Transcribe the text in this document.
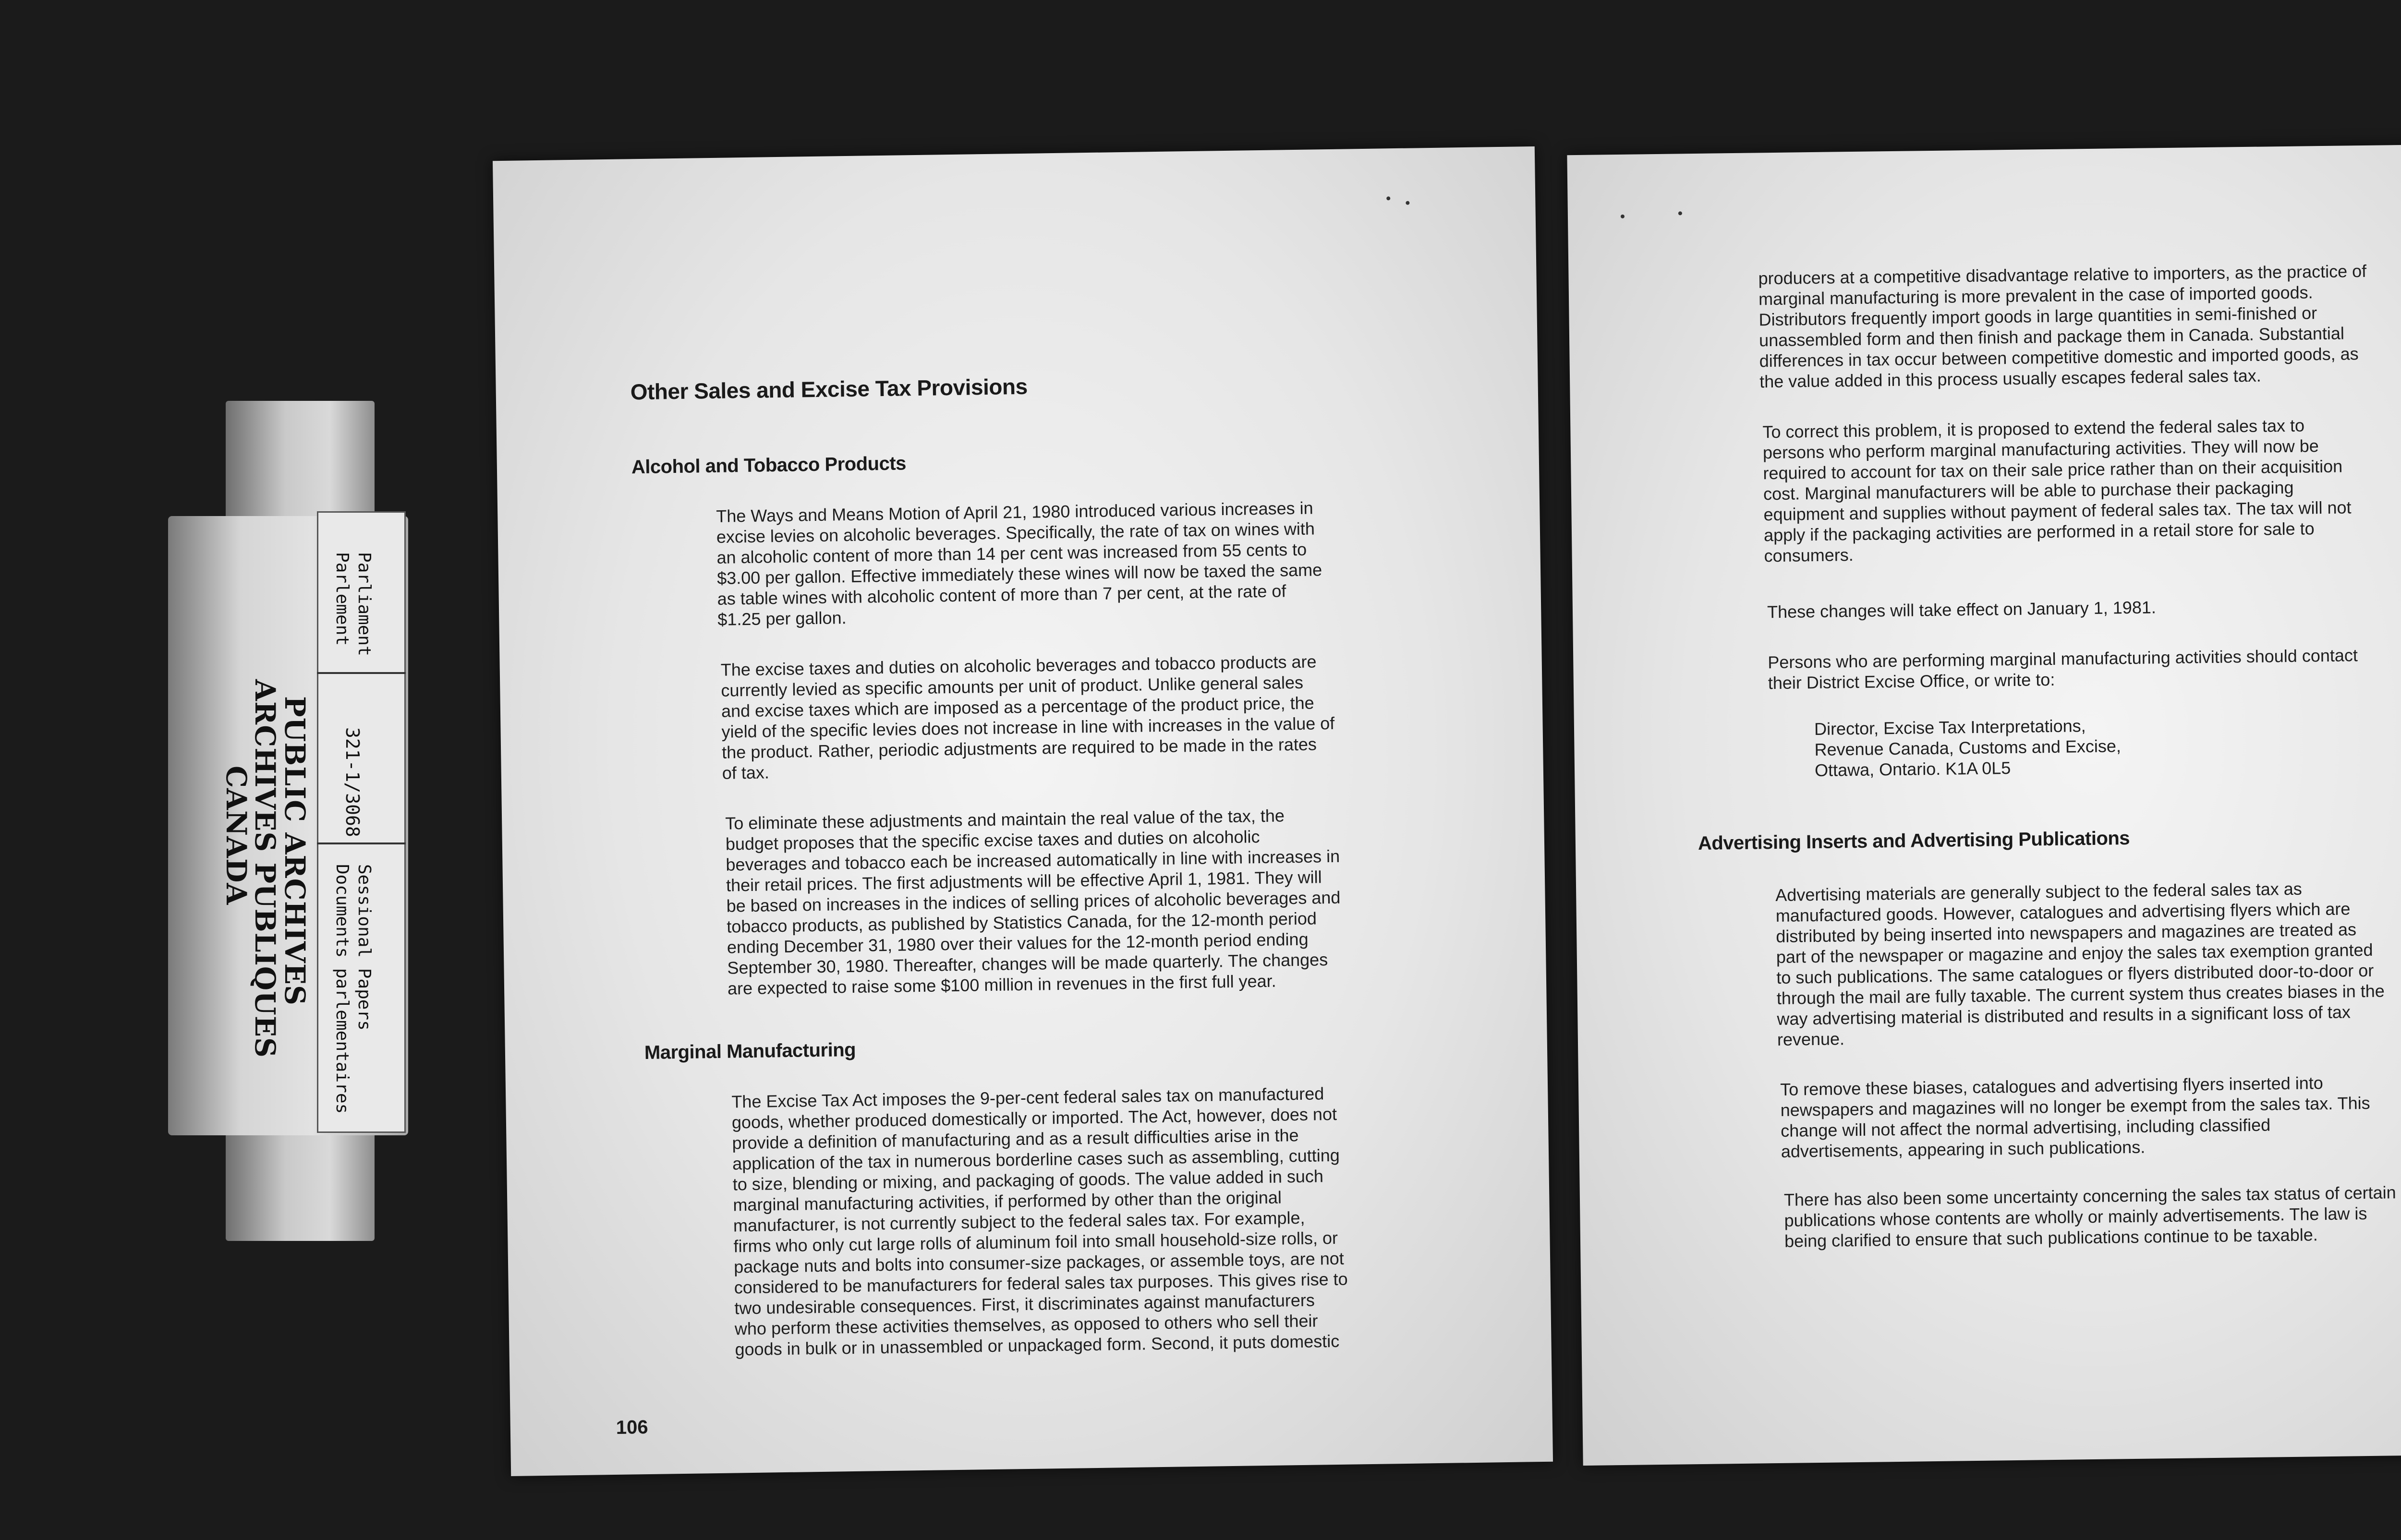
Parliament
Parlement
321-1/3068
Sessional Papers
Documents parlementaires
PUBLIC ARCHIVES
ARCHIVES PUBLIQUES
CANADA
Other Sales and Excise Tax Provisions
Alcohol and Tobacco Products
The Ways and Means Motion of April 21, 1980 introduced various increases in
excise levies on alcoholic beverages. Specifically, the rate of tax on wines with
an alcoholic content of more than 14 per cent was increased from 55 cents to
$3.00 per gallon. Effective immediately these wines will now be taxed the same
as table wines with alcoholic content of more than 7 per cent, at the rate of
$1.25 per gallon.
The excise taxes and duties on alcoholic beverages and tobacco products are
currently levied as specific amounts per unit of product. Unlike general sales
and excise taxes which are imposed as a percentage of the product price, the
yield of the specific levies does not increase in line with increases in the value of
the product. Rather, periodic adjustments are required to be made in the rates
of tax.
To eliminate these adjustments and maintain the real value of the tax, the
budget proposes that the specific excise taxes and duties on alcoholic
beverages and tobacco each be increased automatically in line with increases in
their retail prices. The first adjustments will be effective April 1, 1981. They will
be based on increases in the indices of selling prices of alcoholic beverages and
tobacco products, as published by Statistics Canada, for the 12-month period
ending December 31, 1980 over their values for the 12-month period ending
September 30, 1980. Thereafter, changes will be made quarterly. The changes
are expected to raise some $100 million in revenues in the first full year.
Marginal Manufacturing
The Excise Tax Act imposes the 9-per-cent federal sales tax on manufactured
goods, whether produced domestically or imported. The Act, however, does not
provide a definition of manufacturing and as a result difficulties arise in the
application of the tax in numerous borderline cases such as assembling, cutting
to size, blending or mixing, and packaging of goods. The value added in such
marginal manufacturing activities, if performed by other than the original
manufacturer, is not currently subject to the federal sales tax. For example,
firms who only cut large rolls of aluminum foil into small household-size rolls, or
package nuts and bolts into consumer-size packages, or assemble toys, are not
considered to be manufacturers for federal sales tax purposes. This gives rise to
two undesirable consequences. First, it discriminates against manufacturers
who perform these activities themselves, as opposed to others who sell their
goods in bulk or in unassembled or unpackaged form. Second, it puts domestic
106
producers at a competitive disadvantage relative to importers, as the practice of
marginal manufacturing is more prevalent in the case of imported goods.
Distributors frequently import goods in large quantities in semi-finished or
unassembled form and then finish and package them in Canada. Substantial
differences in tax occur between competitive domestic and imported goods, as
the value added in this process usually escapes federal sales tax.
To correct this problem, it is proposed to extend the federal sales tax to
persons who perform marginal manufacturing activities. They will now be
required to account for tax on their sale price rather than on their acquisition
cost. Marginal manufacturers will be able to purchase their packaging
equipment and supplies without payment of federal sales tax. The tax will not
apply if the packaging activities are performed in a retail store for sale to
consumers.
These changes will take effect on January 1, 1981.
Persons who are performing marginal manufacturing activities should contact
their District Excise Office, or write to:
Director, Excise Tax Interpretations,
Revenue Canada, Customs and Excise,
Ottawa, Ontario. K1A 0L5
Advertising Inserts and Advertising Publications
Advertising materials are generally subject to the federal sales tax as
manufactured goods. However, catalogues and advertising flyers which are
distributed by being inserted into newspapers and magazines are treated as
part of the newspaper or magazine and enjoy the sales tax exemption granted
to such publications. The same catalogues or flyers distributed door-to-door or
through the mail are fully taxable. The current system thus creates biases in the
way advertising material is distributed and results in a significant loss of tax
revenue.
To remove these biases, catalogues and advertising flyers inserted into
newspapers and magazines will no longer be exempt from the sales tax. This
change will not affect the normal advertising, including classified
advertisements, appearing in such publications.
There has also been some uncertainty concerning the sales tax status of certain
publications whose contents are wholly or mainly advertisements. The law is
being clarified to ensure that such publications continue to be taxable.
